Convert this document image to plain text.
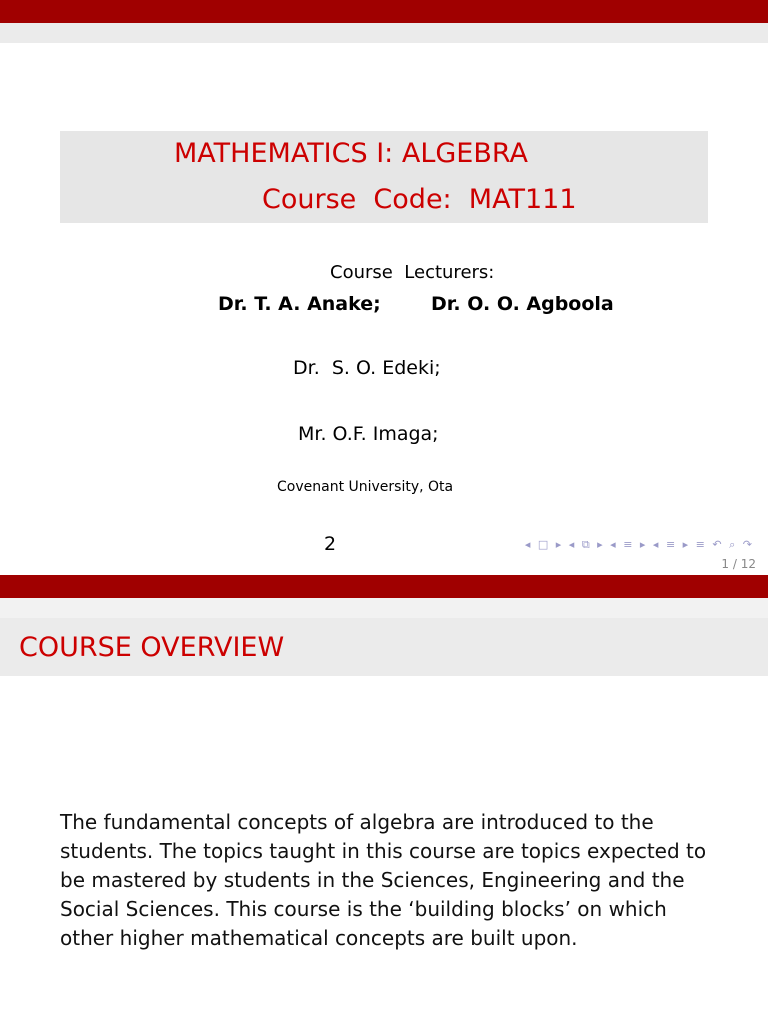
MATHEMATICS I: ALGEBRA
Course  Code:  MAT111
Course  Lecturers:
Dr. T. A. Anake;	Dr. O. O. Agboola
Dr.  S. O. Edeki;
Mr. O.F. Imaga;
Covenant University, Ota
2	◂ □ ▸ ◂ ⧉ ▸ ◂ ≡ ▸ ◂ ≡ ▸ ≡ ↶ ⌕ ↷
1 / 12
COURSE OVERVIEW
The fundamental concepts of algebra are introduced to the students. The topics taught in this course are topics expected to be mastered by students in the Sciences, Engineering and the Social Sciences. This course is the ‘building blocks’ on which other higher mathematical concepts are built upon.
